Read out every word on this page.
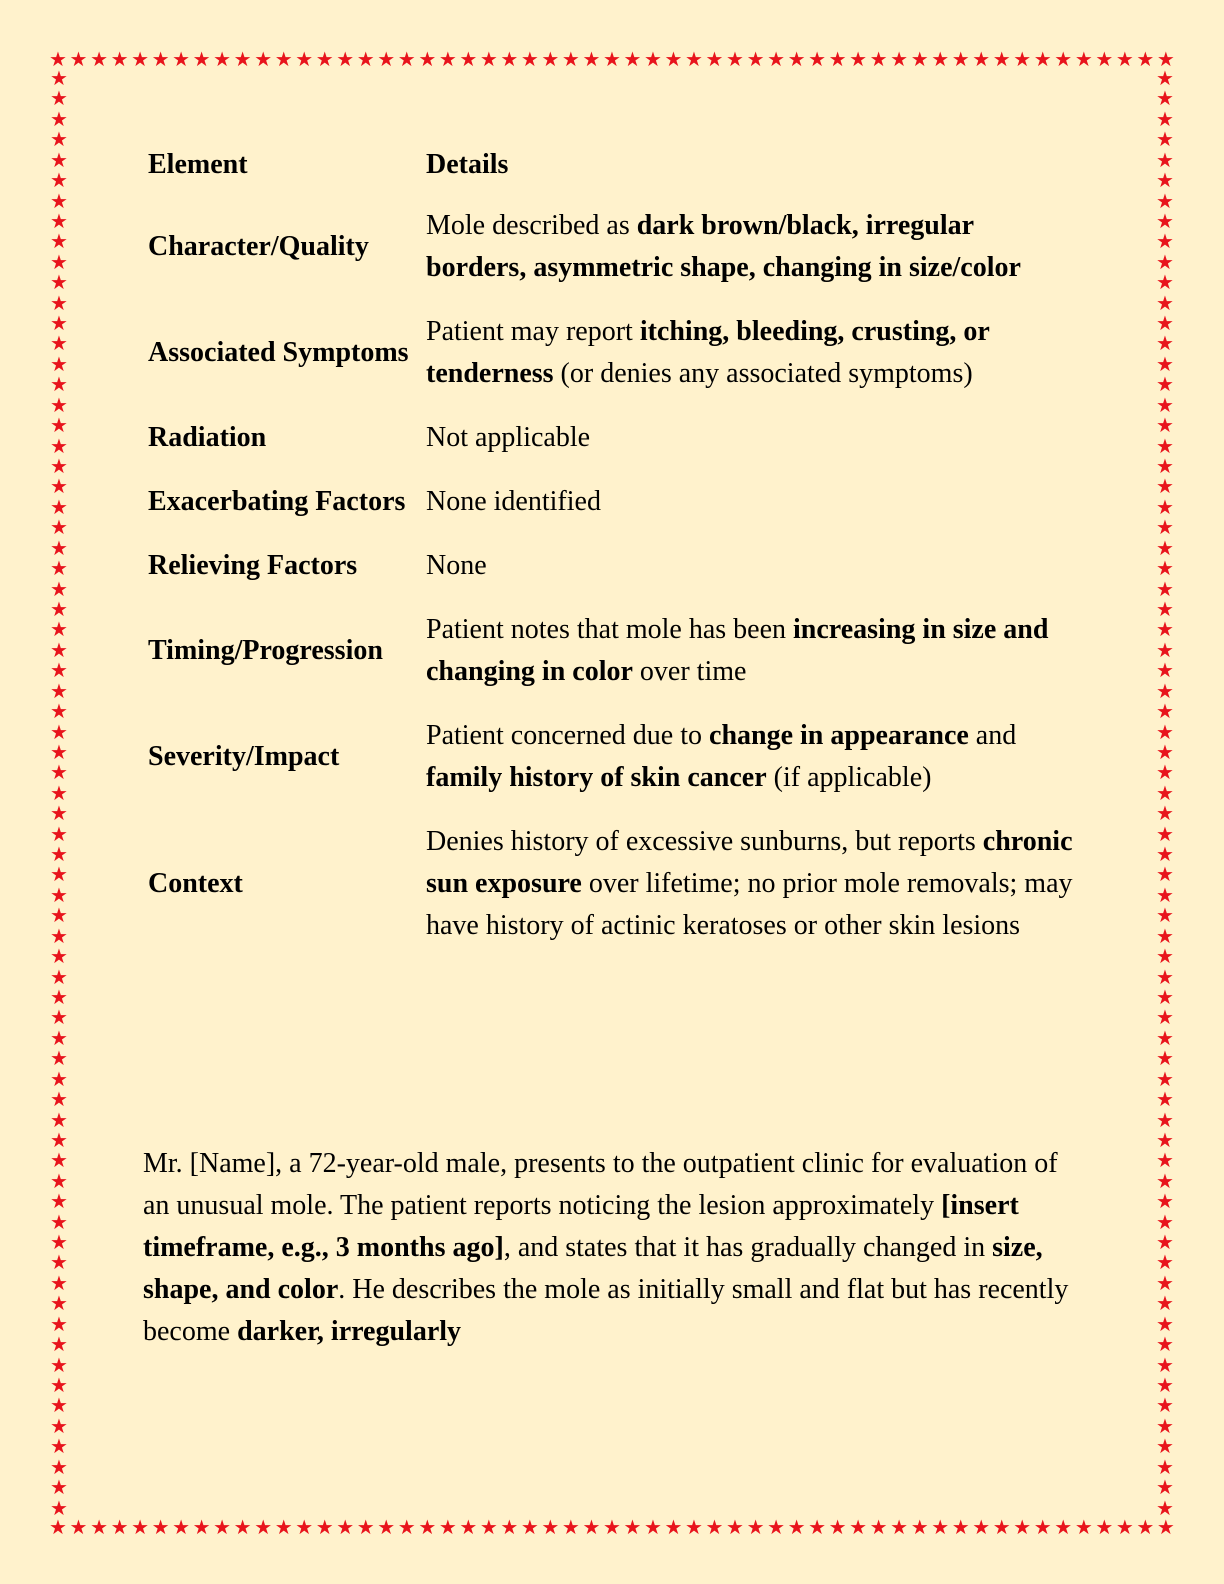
★ ★ ★ ★ ★ ★ ★ ★ ★ ★ ★ ★ ★ ★ ★ ★ ★ ★ ★ ★ ★ ★ ★ ★ ★ ★ ★ ★ ★ ★ ★ ★ ★ ★ ★ ★ ★ ★ ★ ★ ★ ★ ★ ★ ★ ★ ★ ★ ★ ★ ★ ★ ★ ★ ★
★ ★ ★ ★ ★ ★ ★ ★ ★ ★ ★ ★ ★ ★ ★ ★ ★ ★ ★ ★ ★ ★ ★ ★ ★ ★ ★ ★ ★ ★ ★ ★ ★ ★ ★ ★ ★ ★ ★ ★ ★ ★ ★ ★ ★ ★ ★ ★ ★ ★ ★ ★ ★ ★ ★
★
★
★
★
★
★
★
★
★
★
★
★
★
★
★
★
★
★
★
★
★
★
★
★
★
★
★
★
★
★
★
★
★
★
★
★
★
★
★
★
★
★
★
★
★
★
★
★
★
★
★
★
★
★
★
★
★
★
★
★
★
★
★
★
★
★
★
★
★
★
★
★
★
★
★
★
★
★
★
★
★
★
★
★
★
★
★
★
★
★
★
★
★
★
★
★
★
★
★
★
★
★
★
★
★
★
★
★
★
★
★
★
★
★
★
★
★
★
★
★
★
★
★
★
★
★
★
★
★
★
★
★
★
★
★
★
★
★
★
★
★
★
Element	Details
Character/Quality	Mole described as dark brown/black, irregular borders, asymmetric shape, changing in size/color
Associated Symptoms	Patient may report itching, bleeding, crusting, or tenderness (or denies any associated symptoms)
Radiation	Not applicable
Exacerbating Factors	None identified
Relieving Factors	None
Timing/Progression	Patient notes that mole has been increasing in size and changing in color over time
Severity/Impact	Patient concerned due to change in appearance and family history of skin cancer (if applicable)
Context	Denies history of excessive sunburns, but reports chronic sun exposure over lifetime; no prior mole removals; may have history of actinic keratoses or other skin lesions
Mr. [Name], a 72-year-old male, presents to the outpatient clinic for evaluation of an unusual mole. The patient reports noticing the lesion approximately [insert timeframe, e.g., 3 months ago], and states that it has gradually changed in size, shape, and color. He describes the mole as initially small and flat but has recently become darker, irregularly
